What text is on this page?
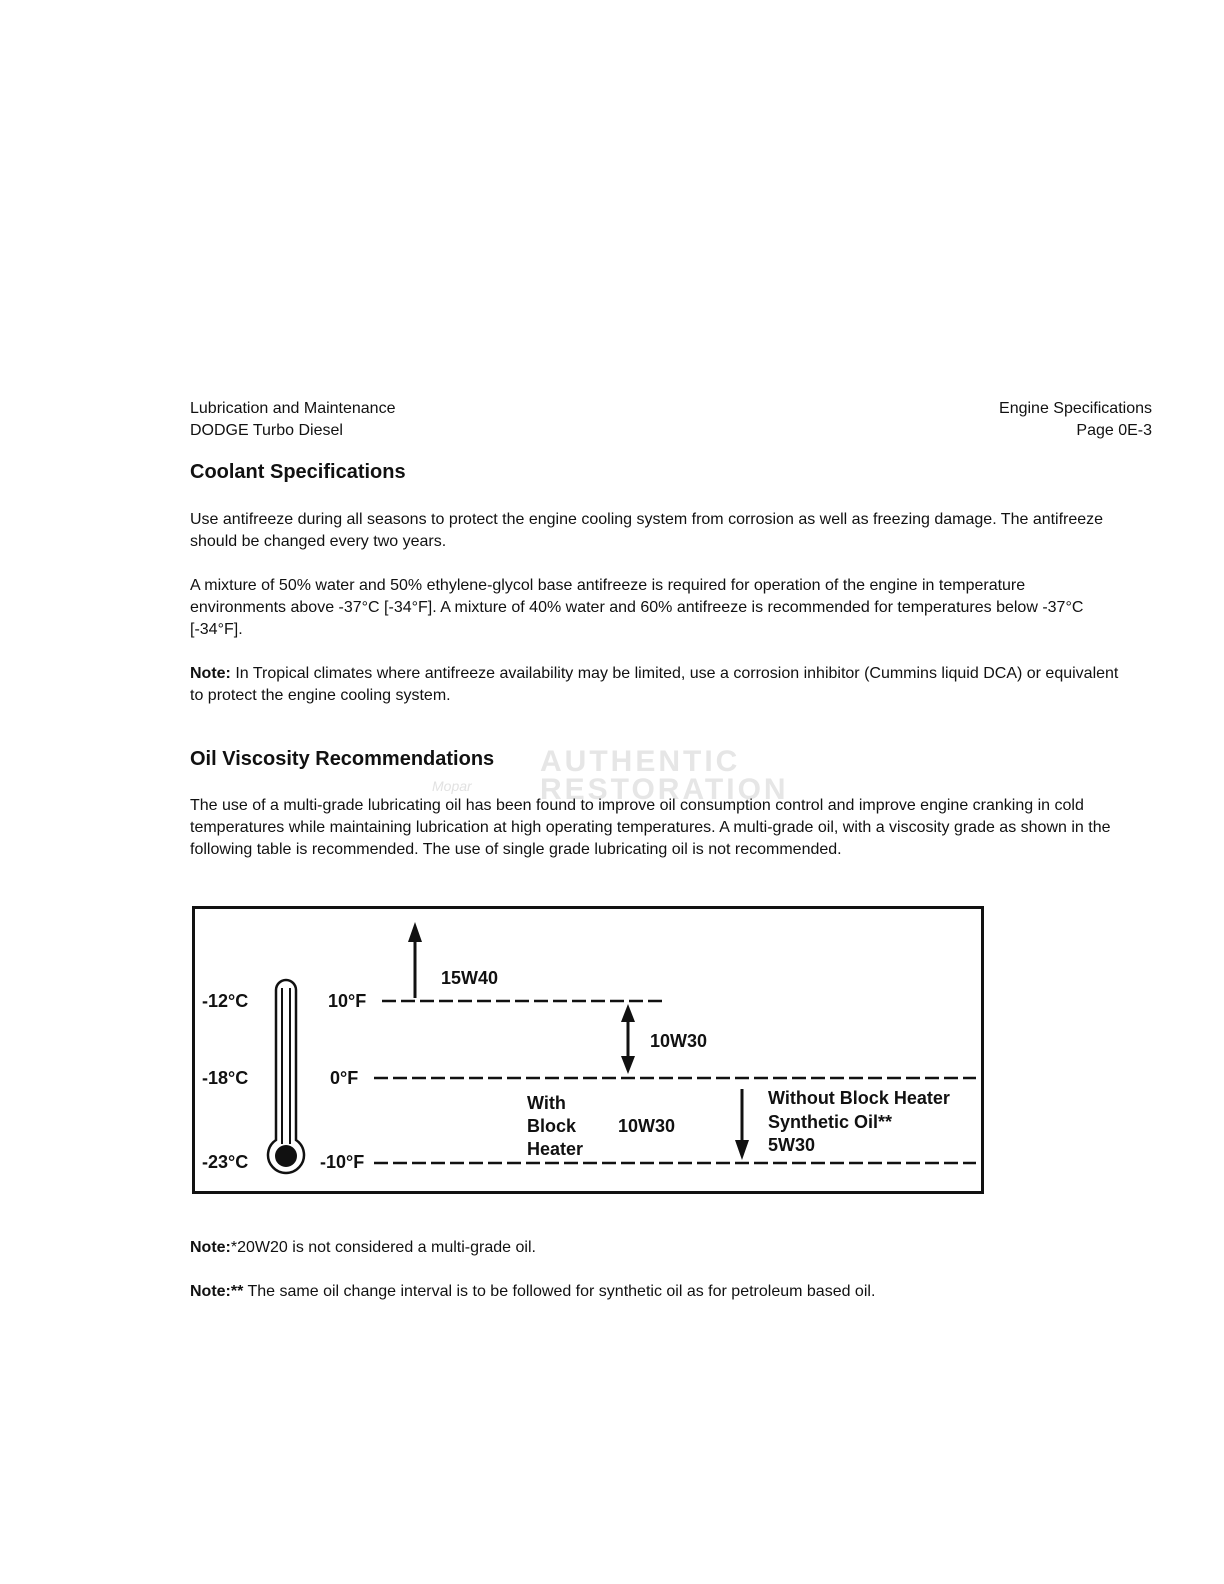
Lubrication and Maintenance
DODGE Turbo Diesel
Engine Specifications
Page 0E-3
AUTHENTIC
RESTORATION
Mopar
Coolant Specifications

Use antifreeze during all seasons to protect the engine cooling system from corrosion as well as freezing damage. The antifreeze should be changed every two years.

A mixture of 50% water and 50% ethylene-glycol base antifreeze is required for operation of the engine in temperature environments above -37°C [-34°F]. A mixture of 40% water and 60% antifreeze is recommended for temperatures below -37°C [-34°F].

Note: In Tropical climates where antifreeze availability may be limited, use a corrosion inhibitor (Cummins liquid DCA) or equivalent to protect the engine cooling system.

Oil Viscosity Recommendations

The use of a multi-grade lubricating oil has been found to improve oil consumption control and improve engine cranking in cold temperatures while maintaining lubrication at high operating temperatures. A multi-grade oil, with a viscosity grade as shown in the following table is recommended. The use of single grade lubricating oil is not recommended.

-12°C
-18°C
-23°C
10°F
0°F
-10°F
15W40
10W30
With
Block
Heater
10W30
Without Block Heater
Synthetic Oil**
5W30

Note:*20W20 is not considered a multi-grade oil.

Note:** The same oil change interval is to be followed for synthetic oil as for petroleum based oil.
